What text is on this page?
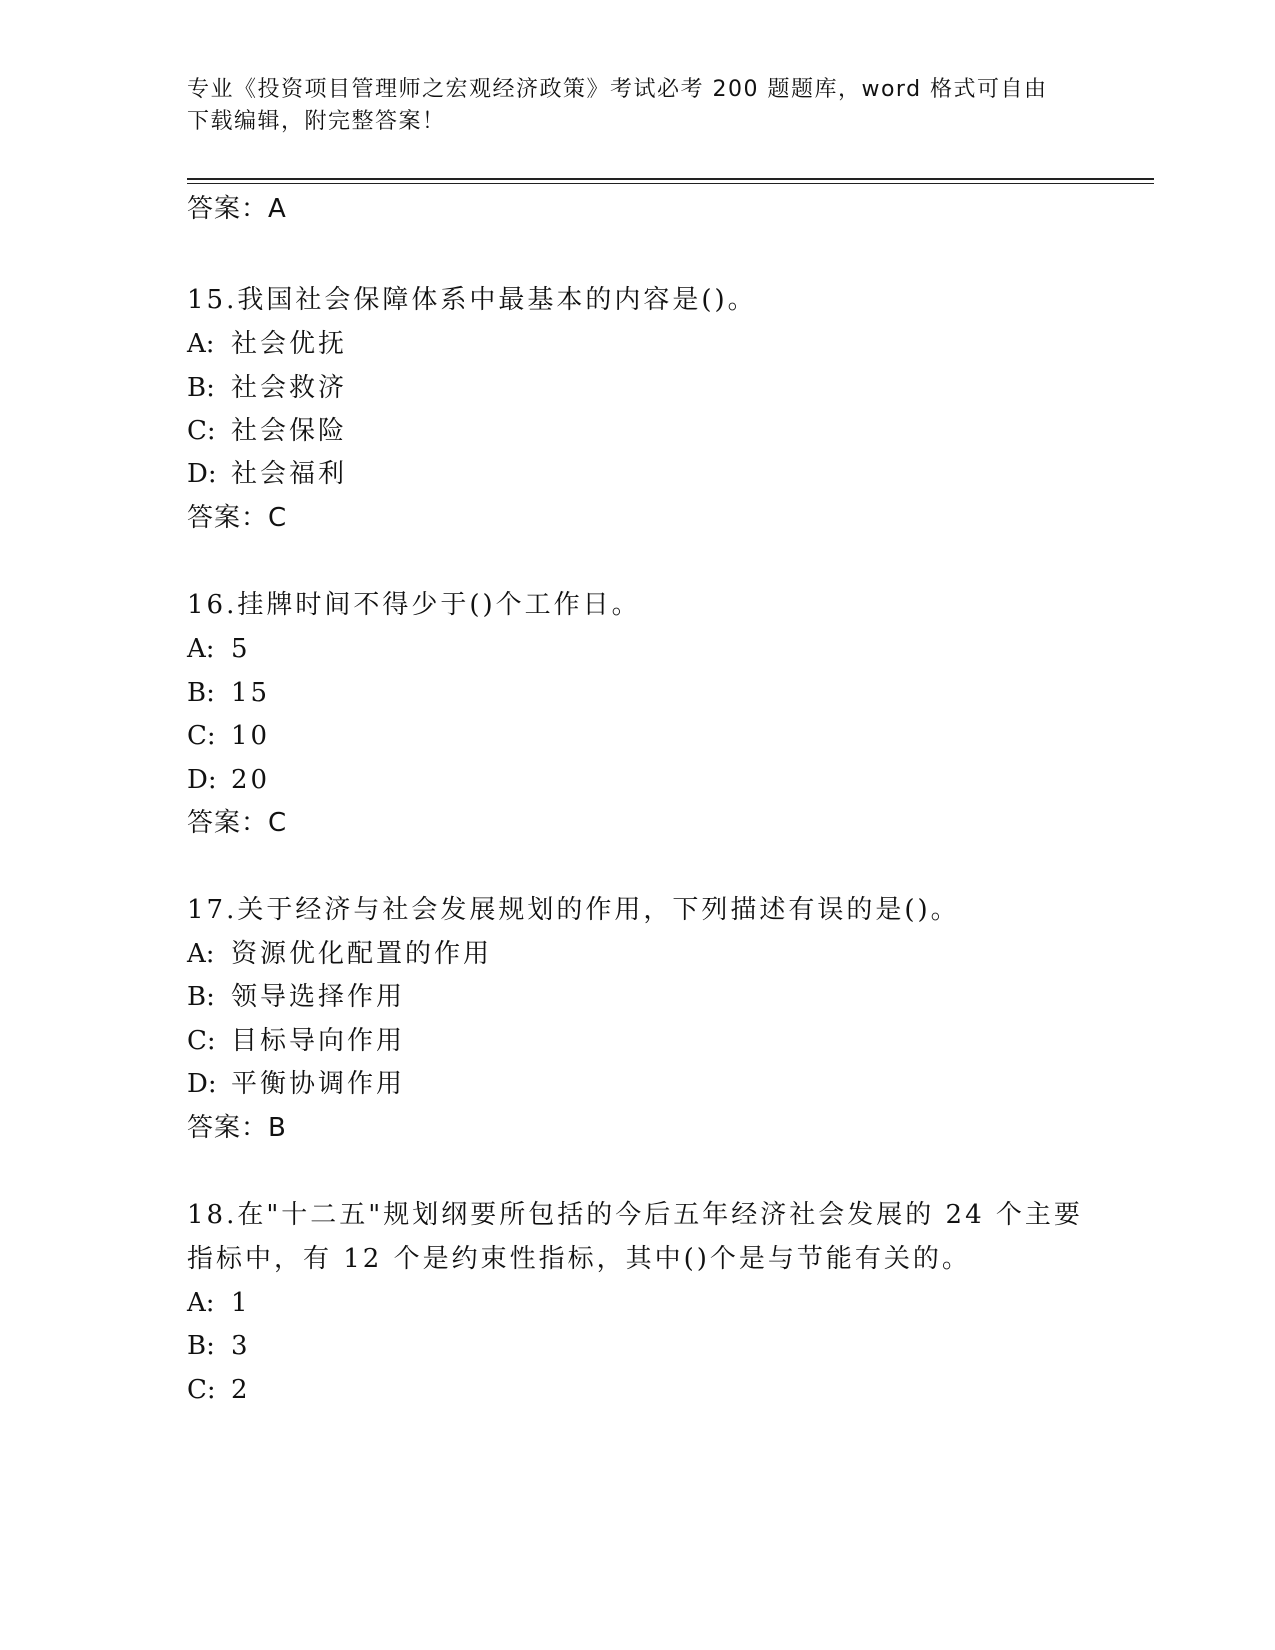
专业《投资项目管理师之宏观经济政策》考试必考 200 题题库，word 格式可自由
下载编辑，附完整答案！
答案：A
15.我国社会保障体系中最基本的内容是()。
A: 社会优抚
B: 社会救济
C: 社会保险
D: 社会福利
答案：C
16.挂牌时间不得少于()个工作日。
A: 5
B: 15
C: 10
D: 20
答案：C
17.关于经济与社会发展规划的作用，下列描述有误的是()。
A: 资源优化配置的作用
B: 领导选择作用
C: 目标导向作用
D: 平衡协调作用
答案：B
18.在"十二五"规划纲要所包括的今后五年经济社会发展的 24 个主要
指标中，有 12 个是约束性指标，其中()个是与节能有关的。
A: 1
B: 3
C: 2
